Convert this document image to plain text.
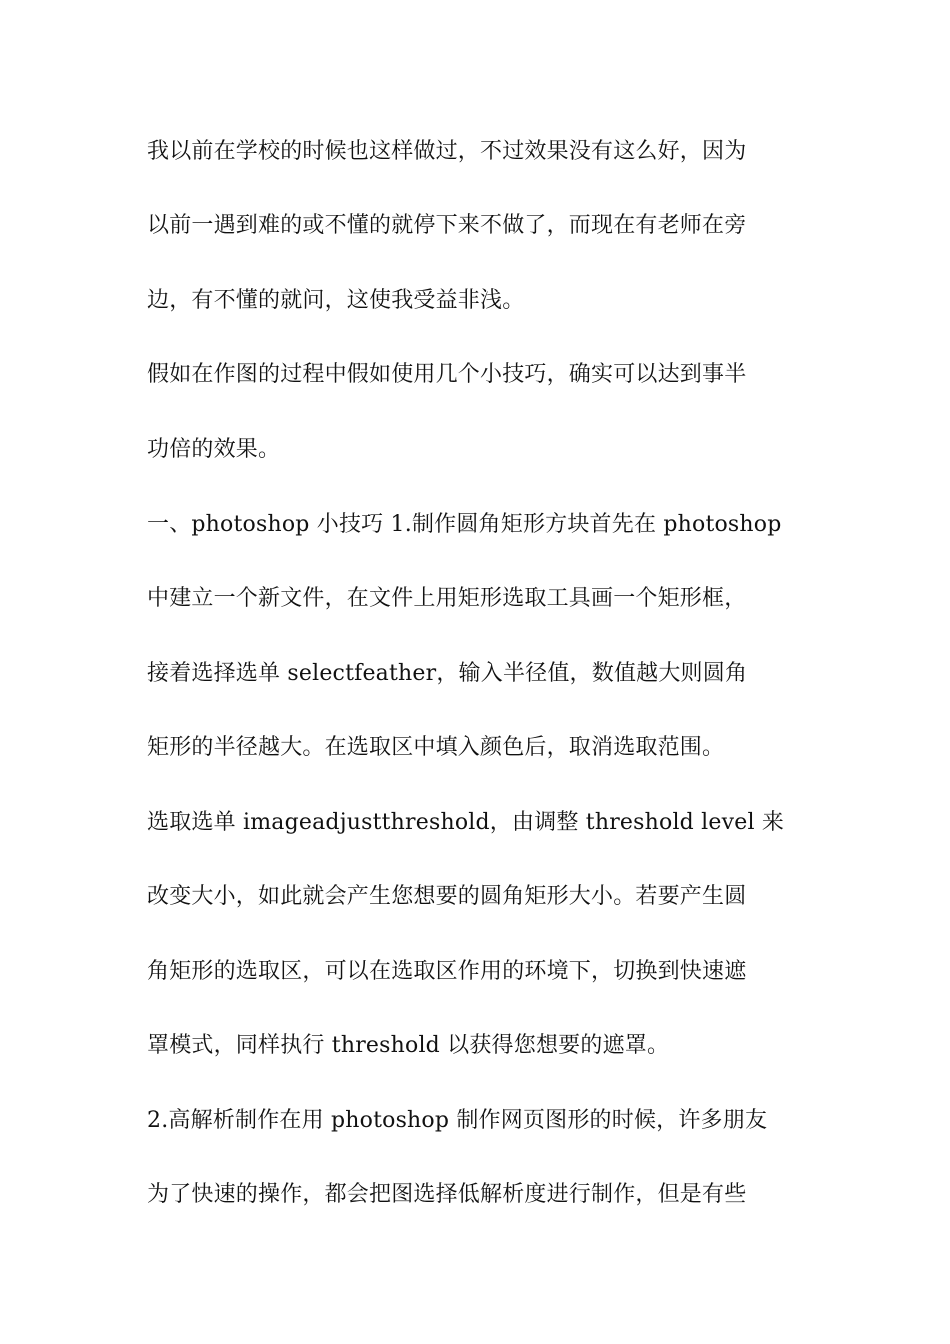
我以前在学校的时候也这样做过，不过效果没有这么好，因为
以前一遇到难的或不懂的就停下来不做了，而现在有老师在旁
边，有不懂的就问，这使我受益非浅。
假如在作图的过程中假如使用几个小技巧，确实可以达到事半
功倍的效果。
一、photoshop 小技巧 1.制作圆角矩形方块首先在 photoshop
中建立一个新文件，在文件上用矩形选取工具画一个矩形框，
接着选择选单 selectfeather，输入半径值，数值越大则圆角
矩形的半径越大。在选取区中填入颜色后，取消选取范围。
选取选单 imageadjustthreshold，由调整 threshold level 来
改变大小，如此就会产生您想要的圆角矩形大小。若要产生圆
角矩形的选取区，可以在选取区作用的环境下，切换到快速遮
罩模式，同样执行 threshold 以获得您想要的遮罩。
2.高解析制作在用 photoshop 制作网页图形的时候，许多朋友
为了快速的操作，都会把图选择低解析度进行制作，但是有些
